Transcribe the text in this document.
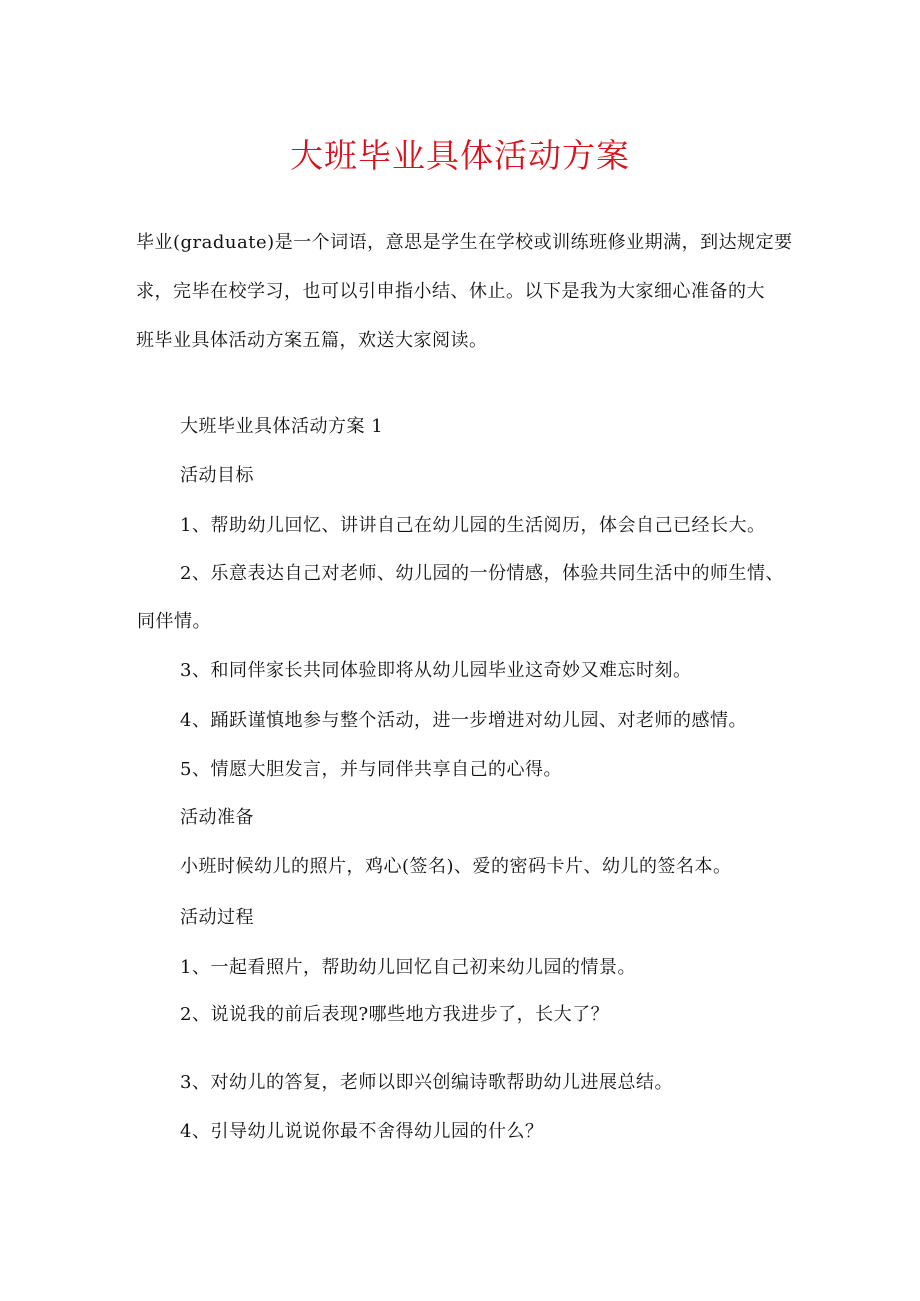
大班毕业具体活动方案
毕业(graduate)是一个词语，意思是学生在学校或训练班修业期满，到达规定要
求，完毕在校学习，也可以引申指小结、休止。以下是我为大家细心准备的大
班毕业具体活动方案五篇，欢送大家阅读。
大班毕业具体活动方案 1
活动目标
1、帮助幼儿回忆、讲讲自己在幼儿园的生活阅历，体会自己已经长大。
2、乐意表达自己对老师、幼儿园的一份情感，体验共同生活中的师生情、
同伴情。
3、和同伴家长共同体验即将从幼儿园毕业这奇妙又难忘时刻。
4、踊跃谨慎地参与整个活动，进一步增进对幼儿园、对老师的感情。
5、情愿大胆发言，并与同伴共享自己的心得。
活动准备
小班时候幼儿的照片，鸡心(签名)、爱的密码卡片、幼儿的签名本。
活动过程
1、一起看照片，帮助幼儿回忆自己初来幼儿园的情景。
2、说说我的前后表现?哪些地方我进步了，长大了？
3、对幼儿的答复，老师以即兴创编诗歌帮助幼儿进展总结。
4、引导幼儿说说你最不舍得幼儿园的什么？
